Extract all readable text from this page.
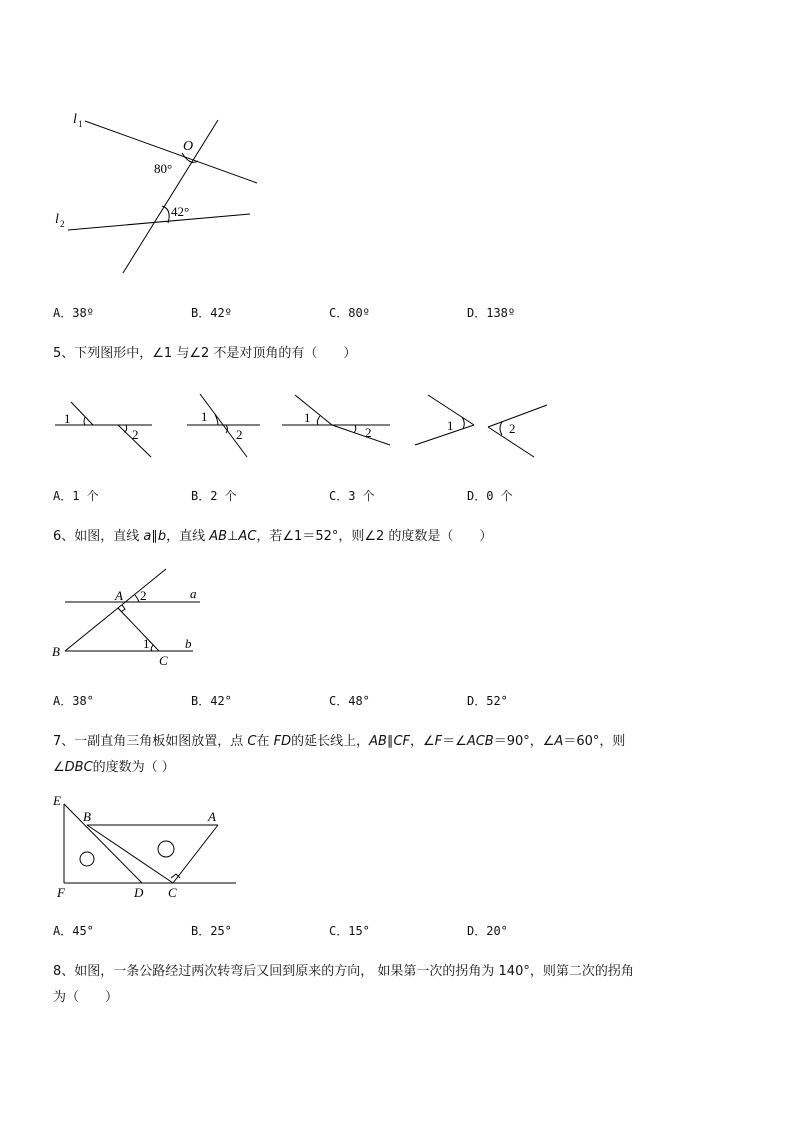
l 1
O
80°
42°
l 2
A．38º	B．42º	C．80º	D．138º
5、下列图形中，∠1 与∠2 不是对顶角的有（　　）
1
2
1
2
1
2	1	2
A．1 个	B．2 个	C．3 个	D．0 个
6、如图，直线 a∥b，直线 AB⊥AC，若∠1＝52°，则∠2 的度数是（　　）
A 2	a
1	b
B
C
A．38°	B．42°	C．48°	D．52°
7、一副直角三角板如图放置，点 C在 FD的延长线上，AB∥CF，∠F＝∠ACB＝90°，∠A＝60°，则
∠DBC的度数为（ ）
E
B	A
F	D C
A．45°	B．25°	C．15°	D．20°
8、如图，一条公路经过两次转弯后又回到原来的方向， 如果第一次的拐角为 140°，则第二次的拐角
为（　　）
